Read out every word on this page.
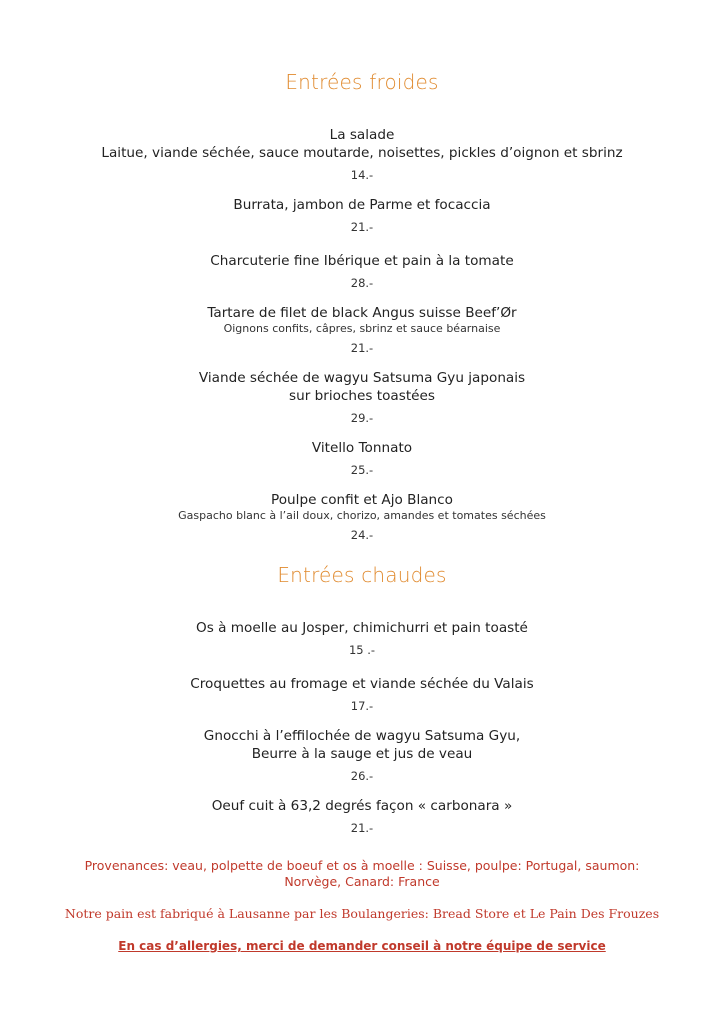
Entrées froides
La salade
Laitue, viande séchée, sauce moutarde, noisettes, pickles d’oignon et sbrinz
14.-
Burrata, jambon de Parme et focaccia
21.-
Charcuterie fine Ibérique et pain à la tomate
28.-
Tartare de filet de black Angus suisse Beef’Ør
Oignons confits, câpres, sbrinz et sauce béarnaise
21.-
Viande séchée de wagyu Satsuma Gyu japonais
sur brioches toastées
29.-
Vitello Tonnato
25.-
Poulpe confit et Ajo Blanco
Gaspacho blanc à l’ail doux, chorizo, amandes et tomates séchées
24.-
Entrées chaudes
Os à moelle au Josper, chimichurri et pain toasté
15 .-
Croquettes au fromage et viande séchée du Valais
17.-
Gnocchi à l’effilochée de wagyu Satsuma Gyu,
Beurre à la sauge et jus de veau
26.-
Oeuf cuit à 63,2 degrés façon « carbonara »
21.-
Provenances: veau, polpette de boeuf et os à moelle : Suisse, poulpe: Portugal, saumon:
Norvège, Canard: France
Notre pain est fabriqué à Lausanne par les Boulangeries: Bread Store et Le Pain Des Frouzes
En cas d’allergies, merci de demander conseil à notre équipe de service
